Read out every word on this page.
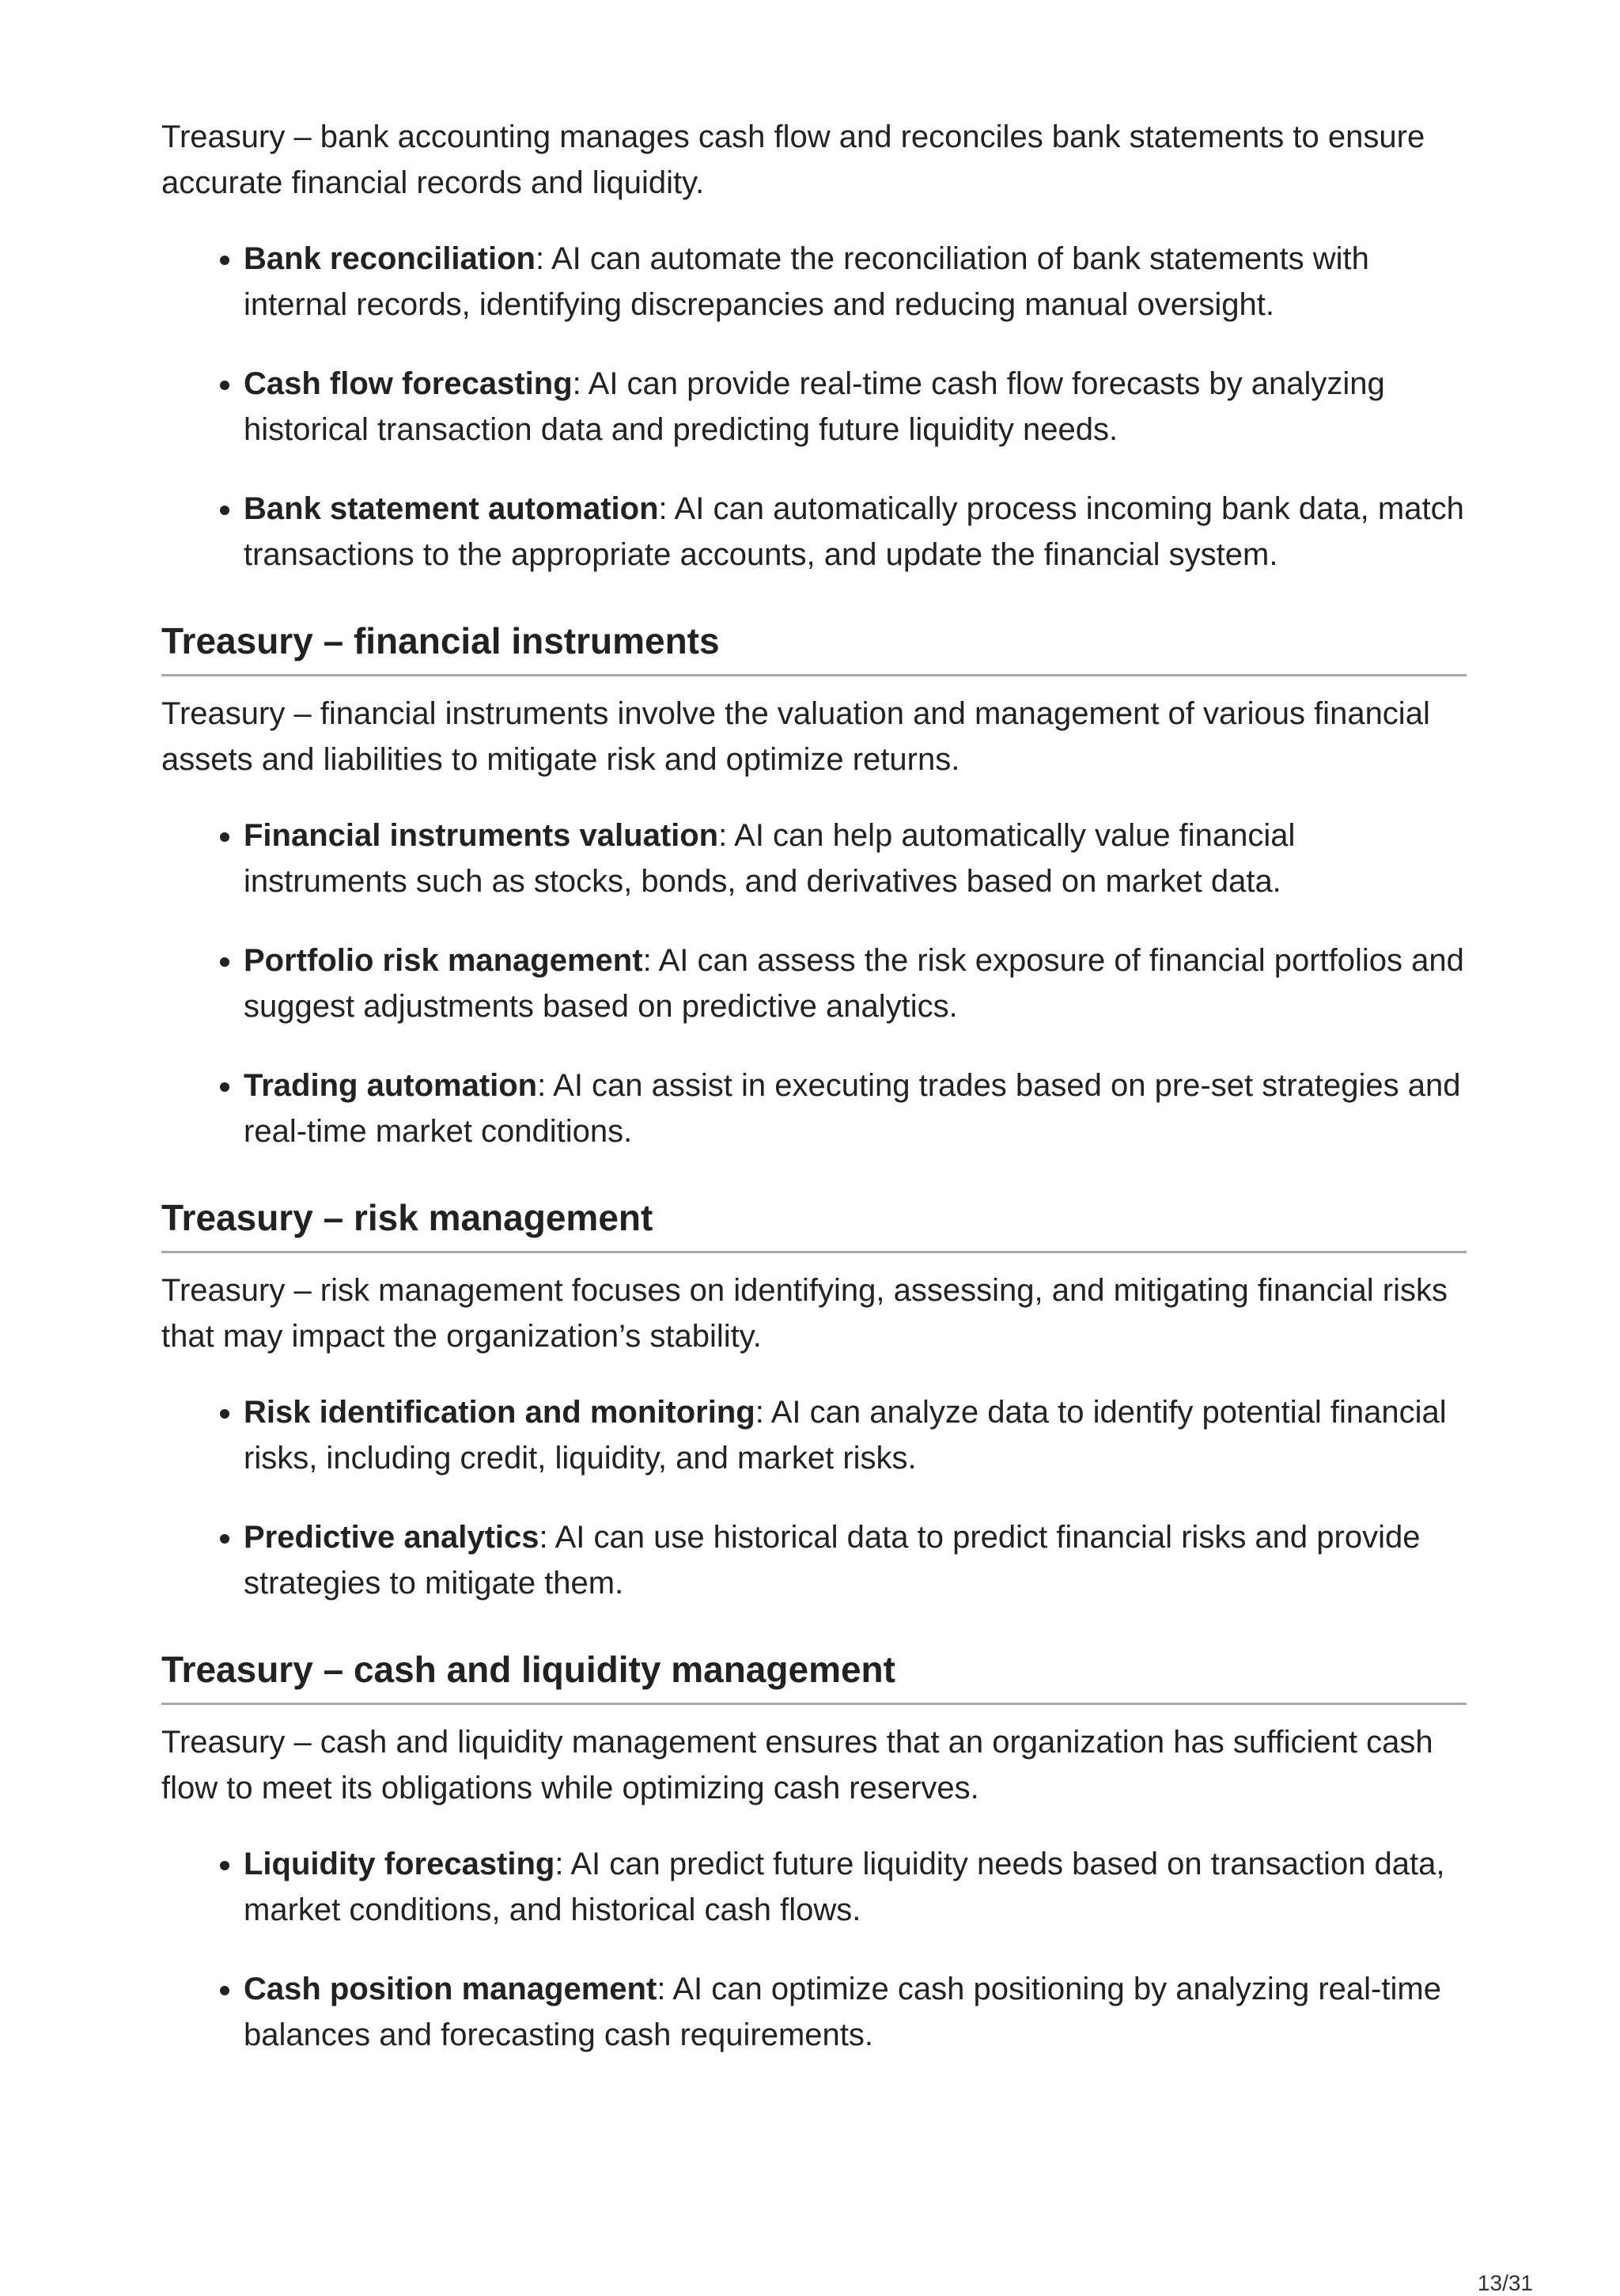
Treasury – bank accounting manages cash flow and reconciles bank statements to ensure accurate financial records and liquidity.

• Bank reconciliation: AI can automate the reconciliation of bank statements with internal records, identifying discrepancies and reducing manual oversight.
• Cash flow forecasting: AI can provide real-time cash flow forecasts by analyzing historical transaction data and predicting future liquidity needs.
• Bank statement automation: AI can automatically process incoming bank data, match transactions to the appropriate accounts, and update the financial system.
Treasury – financial instruments

Treasury – financial instruments involve the valuation and management of various financial assets and liabilities to mitigate risk and optimize returns.

• Financial instruments valuation: AI can help automatically value financial instruments such as stocks, bonds, and derivatives based on market data.
• Portfolio risk management: AI can assess the risk exposure of financial portfolios and suggest adjustments based on predictive analytics.
• Trading automation: AI can assist in executing trades based on pre-set strategies and real-time market conditions.
Treasury – risk management

Treasury – risk management focuses on identifying, assessing, and mitigating financial risks that may impact the organization’s stability.

• Risk identification and monitoring: AI can analyze data to identify potential financial risks, including credit, liquidity, and market risks.
• Predictive analytics: AI can use historical data to predict financial risks and provide strategies to mitigate them.
Treasury – cash and liquidity management

Treasury – cash and liquidity management ensures that an organization has sufficient cash flow to meet its obligations while optimizing cash reserves.

• Liquidity forecasting: AI can predict future liquidity needs based on transaction data, market conditions, and historical cash flows.
• Cash position management: AI can optimize cash positioning by analyzing real-time balances and forecasting cash requirements.
13/31
